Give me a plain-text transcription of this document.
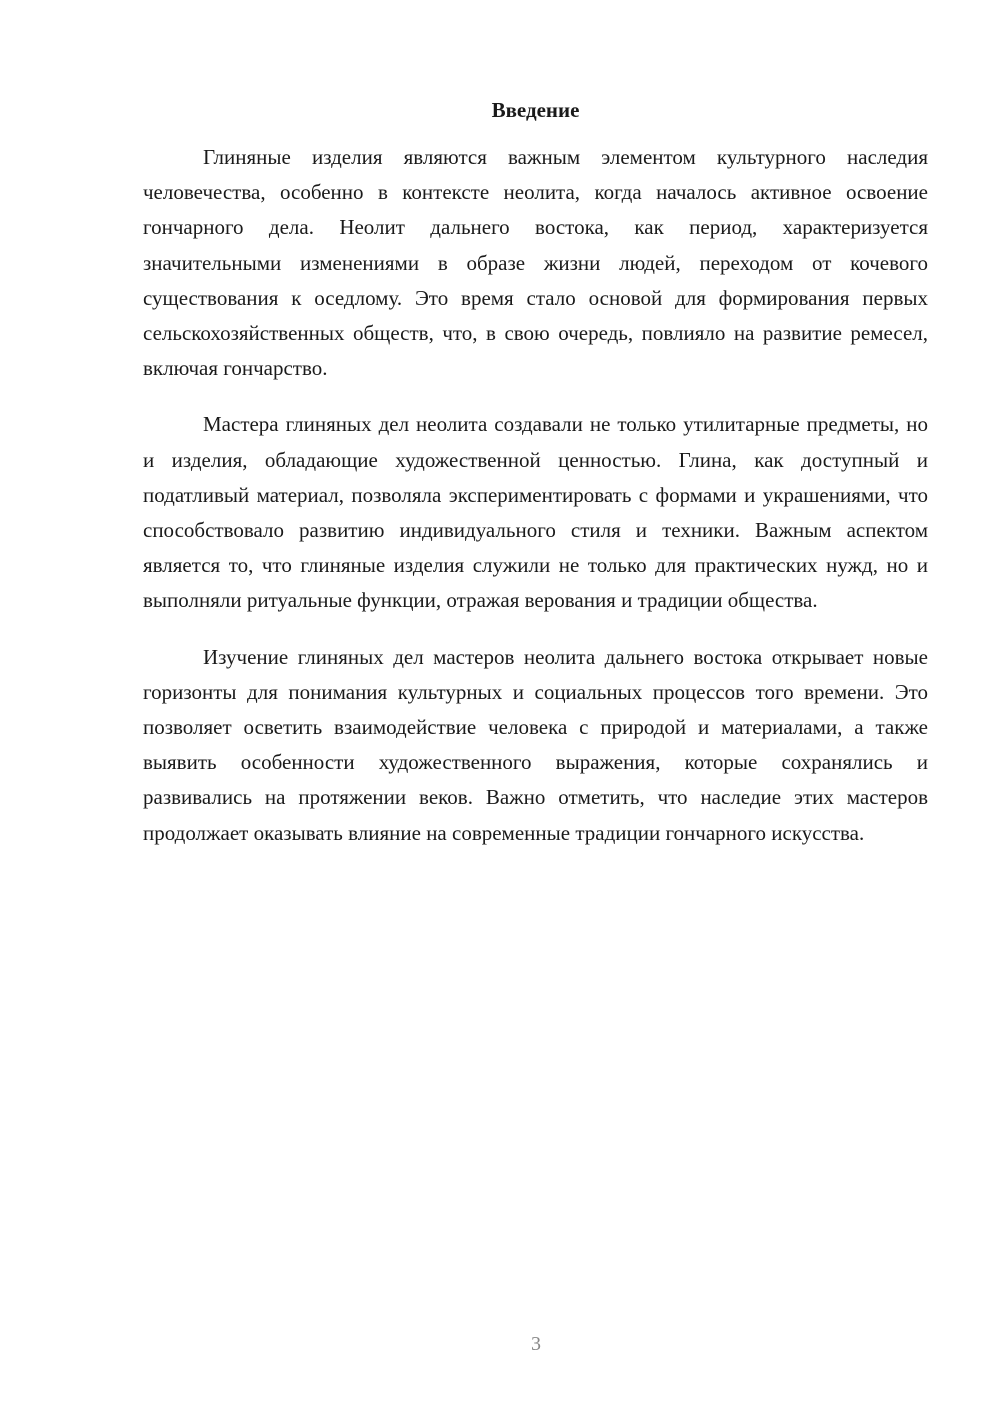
Введение

Глиняные изделия являются важным элементом культурного наследия человечества, особенно в контексте неолита, когда началось активное освоение гончарного дела. Неолит дальнего востока, как период, характеризуется значительными изменениями в образе жизни людей, переходом от кочевого существования к оседлому. Это время стало основой для формирования первых сельскохозяйственных обществ, что, в свою очередь, повлияло на развитие ремесел, включая гончарство.

Мастера глиняных дел неолита создавали не только утилитарные предметы, но и изделия, обладающие художественной ценностью. Глина, как доступный и податливый материал, позволяла экспериментировать с формами и украшениями, что способствовало развитию индивидуального стиля и техники. Важным аспектом является то, что глиняные изделия служили не только для практических нужд, но и выполняли ритуальные функции, отражая верования и традиции общества.

Изучение глиняных дел мастеров неолита дальнего востока открывает новые горизонты для понимания культурных и социальных процессов того времени. Это позволяет осветить взаимодействие человека с природой и материалами, а также выявить особенности художественного выражения, которые сохранялись и развивались на протяжении веков. Важно отметить, что наследие этих мастеров продолжает оказывать влияние на современные традиции гончарного искусства.

3
